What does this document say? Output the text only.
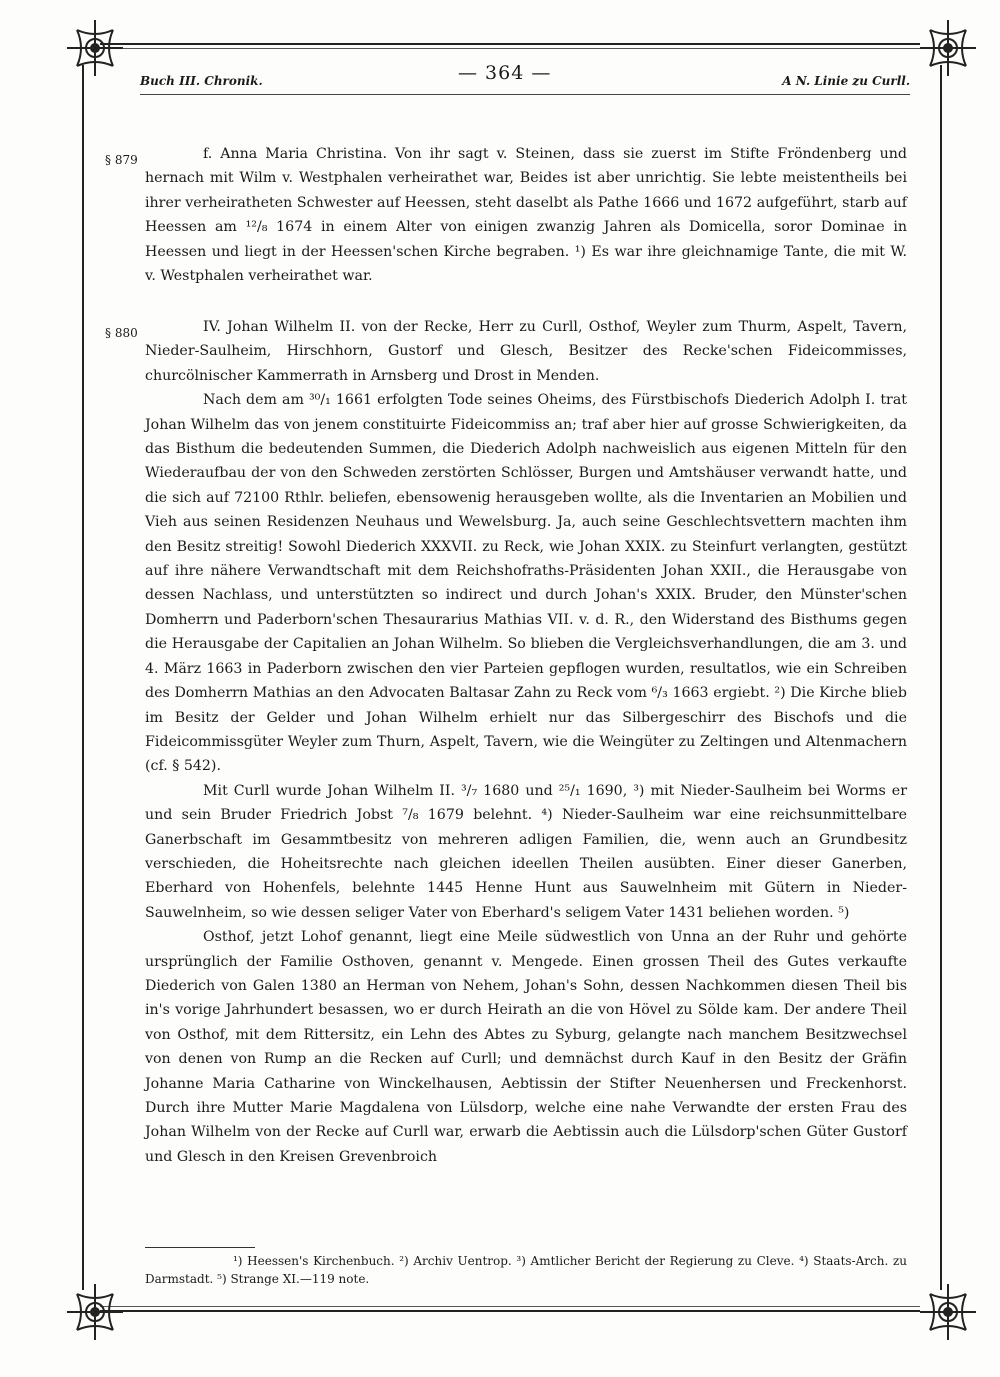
Buch III. Chronik.	— 364 —	A N. Linie zu Curll.
§ 879	f. Anna Maria Christina. Von ihr sagt v. Steinen, dass sie zuerst im Stifte Fröndenberg und hernach mit Wilm v. Westphalen verheirathet war, Beides ist aber unrichtig. Sie lebte meistentheils bei ihrer verheiratheten Schwester auf Heessen, steht daselbt als Pathe 1666 und 1672 aufgeführt, starb auf Heessen am ¹²/₈ 1674 in einem Alter von einigen zwanzig Jahren als Domicella, soror Dominae in Heessen und liegt in der Heessen'schen Kirche begraben. ¹) Es war ihre gleichnamige Tante, die mit W. v. Westphalen verheirathet war.

§ 880	IV. Johan Wilhelm II. von der Recke, Herr zu Curll, Osthof, Weyler zum Thurm, Aspelt, Tavern, Nieder-Saulheim, Hirschhorn, Gustorf und Glesch, Besitzer des Recke'schen Fideicommisses, churcölnischer Kammerrath in Arnsberg und Drost in Menden.

Nach dem am ³⁰/₁ 1661 erfolgten Tode seines Oheims, des Fürstbischofs Diederich Adolph I. trat Johan Wilhelm das von jenem constituirte Fideicommiss an; traf aber hier auf grosse Schwierigkeiten, da das Bisthum die bedeutenden Summen, die Diederich Adolph nachweislich aus eigenen Mitteln für den Wiederaufbau der von den Schweden zerstörten Schlösser, Burgen und Amtshäuser verwandt hatte, und die sich auf 72100 Rthlr. beliefen, ebensowenig herausgeben wollte, als die Inventarien an Mobilien und Vieh aus seinen Residenzen Neuhaus und Wewelsburg. Ja, auch seine Geschlechtsvettern machten ihm den Besitz streitig! Sowohl Diederich XXXVII. zu Reck, wie Johan XXIX. zu Steinfurt verlangten, gestützt auf ihre nähere Verwandtschaft mit dem Reichshofraths-Präsidenten Johan XXII., die Herausgabe von dessen Nachlass, und unterstützten so indirect und durch Johan's XXIX. Bruder, den Münster'schen Domherrn und Paderborn'schen Thesaurarius Mathias VII. v. d. R., den Widerstand des Bisthums gegen die Herausgabe der Capitalien an Johan Wilhelm. So blieben die Vergleichsverhandlungen, die am 3. und 4. März 1663 in Paderborn zwischen den vier Parteien gepflogen wurden, resultatlos, wie ein Schreiben des Domherrn Mathias an den Advocaten Baltasar Zahn zu Reck vom ⁶/₃ 1663 ergiebt. ²) Die Kirche blieb im Besitz der Gelder und Johan Wilhelm erhielt nur das Silbergeschirr des Bischofs und die Fideicommissgüter Weyler zum Thurn, Aspelt, Tavern, wie die Weingüter zu Zeltingen und Altenmachern (cf. § 542).

Mit Curll wurde Johan Wilhelm II. ³/₇ 1680 und ²⁵/₁ 1690, ³) mit Nieder-Saulheim bei Worms er und sein Bruder Friedrich Jobst ⁷/₈ 1679 belehnt. ⁴) Nieder-Saulheim war eine reichsunmittelbare Ganerbschaft im Gesammtbesitz von mehreren adligen Familien, die, wenn auch an Grundbesitz verschieden, die Hoheitsrechte nach gleichen ideellen Theilen ausübten. Einer dieser Ganerben, Eberhard von Hohenfels, belehnte 1445 Henne Hunt aus Sauwelnheim mit Gütern in Nieder-Sauwelnheim, so wie dessen seliger Vater von Eberhard's seligem Vater 1431 beliehen worden. ⁵)

Osthof, jetzt Lohof genannt, liegt eine Meile südwestlich von Unna an der Ruhr und gehörte ursprünglich der Familie Osthoven, genannt v. Mengede. Einen grossen Theil des Gutes verkaufte Diederich von Galen 1380 an Herman von Nehem, Johan's Sohn, dessen Nachkommen diesen Theil bis in's vorige Jahrhundert besassen, wo er durch Heirath an die von Hövel zu Sölde kam. Der andere Theil von Osthof, mit dem Rittersitz, ein Lehn des Abtes zu Syburg, gelangte nach manchem Besitzwechsel von denen von Rump an die Recken auf Curll; und demnächst durch Kauf in den Besitz der Gräfin Johanne Maria Catharine von Winckelhausen, Aebtissin der Stifter Neuenhersen und Freckenhorst. Durch ihre Mutter Marie Magdalena von Lülsdorp, welche eine nahe Verwandte der ersten Frau des Johan Wilhelm von der Recke auf Curll war, erwarb die Aebtissin auch die Lülsdorp'schen Güter Gustorf und Glesch in den Kreisen Grevenbroich

¹) Heessen's Kirchenbuch. ²) Archiv Uentrop. ³) Amtlicher Bericht der Regierung zu Cleve. ⁴) Staats-Arch. zu Darmstadt. ⁵) Strange XI.—119 note.
